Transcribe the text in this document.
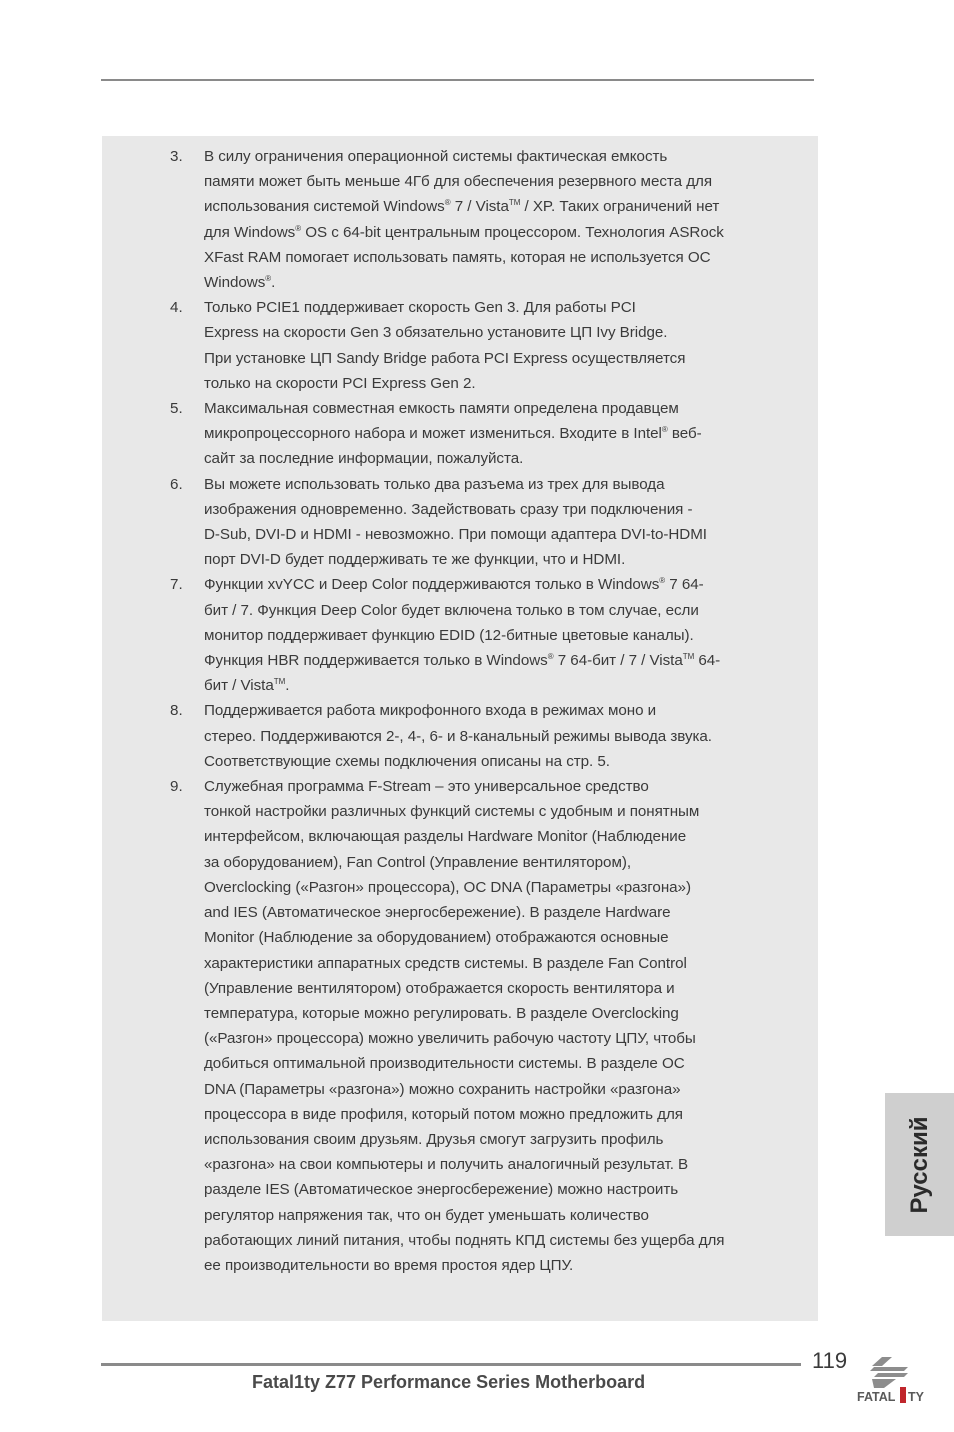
3. В силу ограничения операционной системы фактическая емкость
памяти может быть меньше 4Гб для обеспечения резервного места для
использования системой Windows® 7 / Vista™ / XP. Таких ограничений нет
для Windows® OS с 64-bit центральным процессором. Технология ASRock
XFast RAM помогает использовать память, которая не используется OC
Windows®.
4. Только PCIE1 поддерживает скорость Gen 3. Для работы PCI
Express на скорости Gen 3 обязательно установите ЦП Ivy Bridge.
При установке ЦП Sandy Bridge работа PCI Express осуществляется
только на скорости PCI Express Gen 2.
5. Максимальная совместная емкость памяти определена продавцем
микропроцессорного набора и может измениться. Входите в Intel® веб-
сайт за последние информации, пожалуйста.
6. Вы можете использовать только два разъема из трех для вывода
изображения одновременно. Задействовать сразу три подключения -
D-Sub, DVI-D и HDMI - невозможно. При помощи адаптера DVI-to-HDMI
порт DVI-D будет поддерживать те же функции, что и HDMI.
7. Функции xvYCC и Deep Color поддерживаются только в Windows® 7 64-
бит / 7. Функция Deep Color будет включена только в том случае, если
монитор поддерживает функцию EDID (12-битные цветовые каналы).
Функция HBR поддерживается только в Windows® 7 64-бит / 7 / Vista™ 64-
бит / Vista™.
8. Поддерживается работа микрофонного входа в режимах моно и
стерео. Поддерживаются 2-, 4-, 6- и 8-канальный режимы вывода звука.
Соответствующие схемы подключения описаны на стр. 5.
9. Служебная программа F-Stream – это универсальное средство
тонкой настройки различных функций системы с удобным и понятным
интерфейсом, включающая разделы Hardware Monitor (Наблюдение
за оборудованием), Fan Control (Управление вентилятором),
Overclocking («Разгон» процессора), OC DNA (Параметры «разгона»)
and IES (Автоматическое энергосбережение). В разделе Hardware
Monitor (Наблюдение за оборудованием) отображаются основные
характеристики аппаратных средств системы. В разделе Fan Control
(Управление вентилятором) отображается скорость вентилятора и
температура, которые можно регулировать. В разделе Overclocking
(«Разгон» процессора) можно увеличить рабочую частоту ЦПУ, чтобы
добиться оптимальной производительности системы. В разделе OC
DNA (Параметры «разгона») можно сохранить настройки «разгона»
процессора в виде профиля, который потом можно предложить для
использования своим друзьям. Друзья смогут загрузить профиль
«разгона» на свои компьютеры и получить аналогичный результат. В
разделе IES (Автоматическое энергосбережение) можно настроить
регулятор напряжения так, что он будет уменьшать количество
работающих линий питания, чтобы поднять КПД системы без ущерба для
ее производительности во время простоя ядер ЦПУ.
Русский
119
Fatal1ty Z77 Performance Series Motherboard
FATAL TY
